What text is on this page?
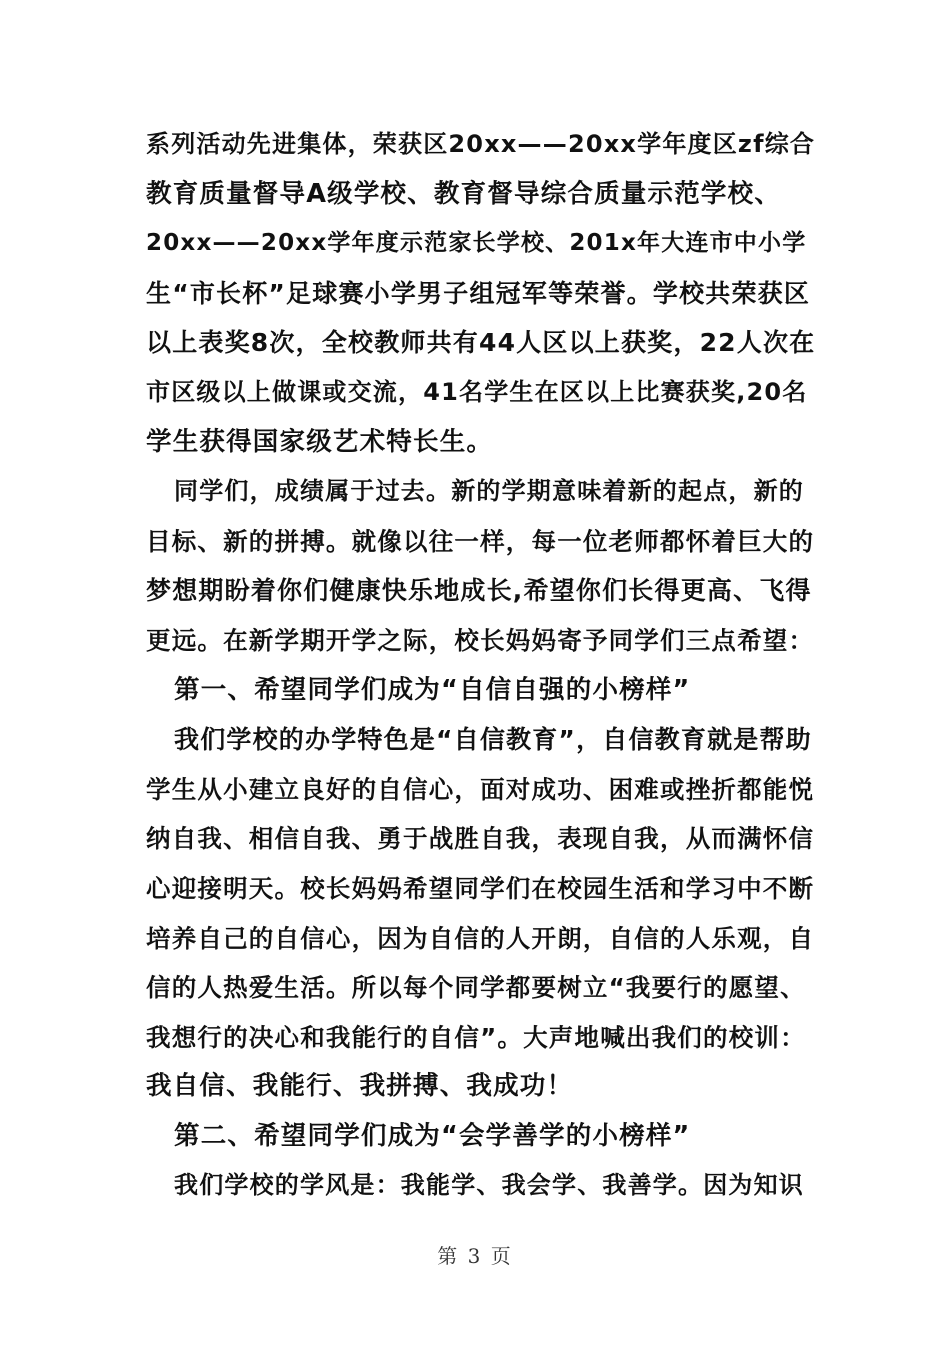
系列活动先进集体，荣获区20xx——20xx学年度区zf综合
教育质量督导A级学校、教育督导综合质量示范学校、
20xx——20xx学年度示范家长学校、201x年大连市中小学
生“市长杯”足球赛小学男子组冠军等荣誉。学校共荣获区
以上表奖8次，全校教师共有44人区以上获奖，22人次在
市区级以上做课或交流，41名学生在区以上比赛获奖,20名
学生获得国家级艺术特长生。
同学们，成绩属于过去。新的学期意味着新的起点，新的
目标、新的拼搏。就像以往一样，每一位老师都怀着巨大的
梦想期盼着你们健康快乐地成长,希望你们长得更高、飞得
更远。在新学期开学之际，校长妈妈寄予同学们三点希望：
第一、希望同学们成为“自信自强的小榜样”
我们学校的办学特色是“自信教育”，自信教育就是帮助
学生从小建立良好的自信心，面对成功、困难或挫折都能悦
纳自我、相信自我、勇于战胜自我，表现自我，从而满怀信
心迎接明天。校长妈妈希望同学们在校园生活和学习中不断
培养自己的自信心，因为自信的人开朗，自信的人乐观，自
信的人热爱生活。所以每个同学都要树立“我要行的愿望、
我想行的决心和我能行的自信”。大声地喊出我们的校训：
我自信、我能行、我拼搏、我成功！
第二、希望同学们成为“会学善学的小榜样”
我们学校的学风是：我能学、我会学、我善学。因为知识
第 3 页
